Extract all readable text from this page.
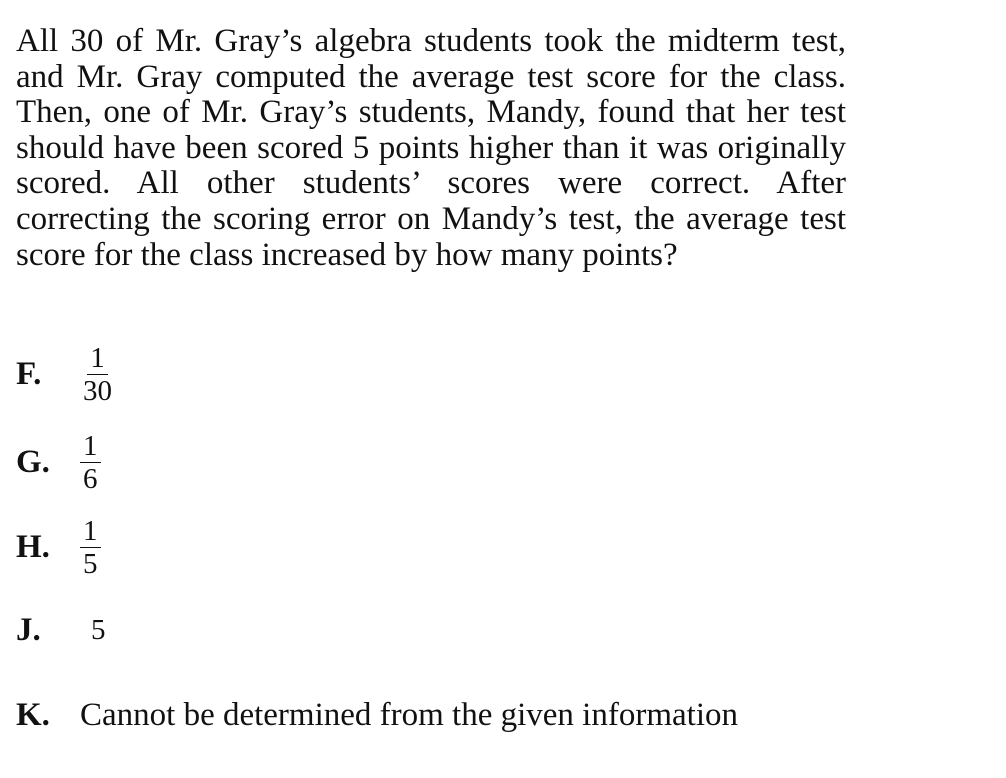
All 30 of Mr. Gray’s algebra students took the midterm test, and Mr. Gray computed the average test score for the class. Then, one of Mr. Gray’s students, Mandy, found that her test should have been scored 5 points higher than it was originally scored. All other students’ scores were correct. After correcting the scoring error on Mandy’s test, the average test score for the class increased by how many points?

F.	$\frac{1}{30}$
G.	$\frac{1}{6}$
H.	$\frac{1}{5}$
J.	5
K. Cannot be determined from the given information
